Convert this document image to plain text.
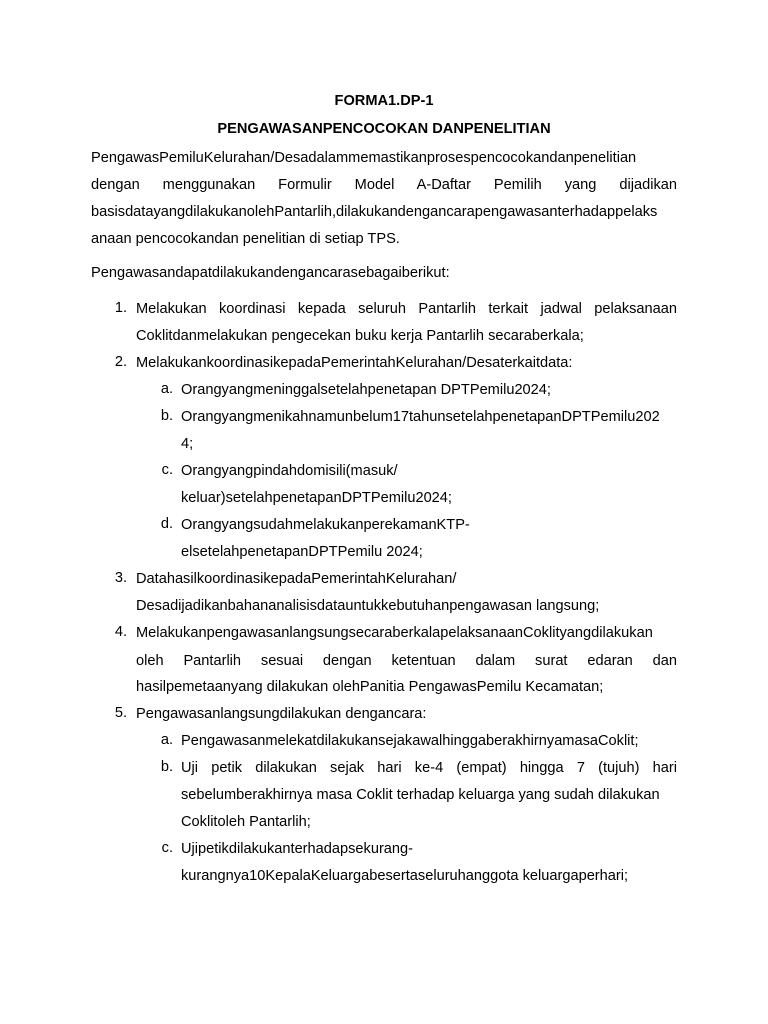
FORMA1.DP-1
PENGAWASANPENCOCOKAN DANPENELITIAN
PengawasPemiluKelurahan/Desadalammemastikanprosespencocokandanpenelitian
dengan menggunakan Formulir Model A-Daftar Pemilih yang dijadikan
basisdatayangdilakukanolehPantarlih,dilakukandengancarapengawasanterhadappelaks
anaan pencocokandan penelitian di setiap TPS.
Pengawasandapatdilakukandengancarasebagaiberikut:
1. Melakukan koordinasi kepada seluruh Pantarlih terkait jadwal pelaksanaan
Coklitdanmelakukan pengecekan buku kerja Pantarlih secaraberkala;
2. MelakukankoordinasikepadaPemerintahKelurahan/Desaterkaitdata:
a. Orangyangmeninggalsetelahpenetapan DPTPemilu2024;
b. Orangyangmenikahnamunbelum17tahunsetelahpenetapanDPTPemilu202
4;
c. Orangyangpindahdomisili(masuk/
keluar)setelahpenetapanDPTPemilu2024;
d. OrangyangsudahmelakukanperekamanKTP-
elsetelahpenetapanDPTPemilu 2024;
3. DatahasilkoordinasikepadaPemerintahKelurahan/
Desadijadikanbahananalisisdatauntukkebutuhanpengawasan langsung;
4. Melakukanpengawasanlangsungsecaraberkalapelaksanaan​Coklityangdilakukan
oleh Pantarlih sesuai dengan ketentuan dalam surat edaran dan
hasilpemetaanyang dilakukan olehPanitia PengawasPemilu Kecamatan;
5. Pengawasanlangsungdilakukan dengancara:
a. PengawasanmelekatdilakukansejakawalhinggaberakhirnyamasaCoklit;
b. Uji petik dilakukan sejak hari ke-4 (empat) hingga 7 (tujuh) hari
sebelumberakhirnya masa Coklit terhadap keluarga yang sudah dilakukan
Coklitoleh Pantarlih;
c. Ujipetikdilakukanterhadapsekurang-
kurangnya10KepalaKeluargabesertaseluruhanggota keluargaperhari;
